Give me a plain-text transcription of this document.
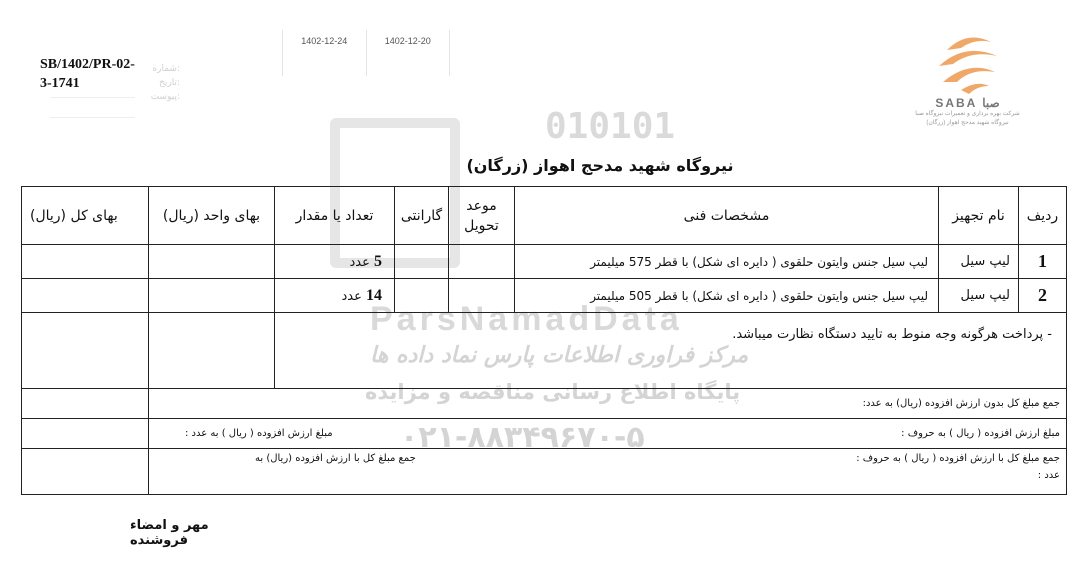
SB/1402/PR-02-3-1741
شماره:
تاریخ:
پیوست:
1402-12-24	1402-12-20
SABA صبا
شرکت بهره برداری و تعمیرات نیروگاه صبا
نیروگاه شهید مدحج اهواز (زرگان)
010101
ParsNamadData
مرکز فراوری اطلاعات پارس نماد داده ها
پایگاه اطلاع رسانی مناقصه و مزایده
۰۲۱-۸۸۳۴۹۶۷۰-۵
نیروگاه شهید مدحج اهواز (زرگان)
ردیف	نام تجهیز	مشخصات فنی	موعد تحویل	گارانتی	تعداد یا مقدار	بهای واحد (ریال)	بهای کل (ریال)
1	لیپ سیل	لیپ سیل جنس وایتون حلقوی ( دایره ای شکل) با قطر 575 میلیمتر			5 عدد		
2	لیپ سیل	لیپ سیل جنس وایتون حلقوی ( دایره ای شکل) با قطر 505 میلیمتر			14 عدد		
- پرداخت هرگونه وجه منوط به تایید دستگاه نظارت میباشد.							
جمع مبلغ کل بدون ارزش افزوده (ریال) به عدد:							

مبلغ ارزش افزوده ( ریال ) به حروف :
مبلغ ارزش افزوده ( ریال ) به عدد :							

جمع مبلغ کل با ارزش افزوده ( ریال ) به حروف :
عدد :
جمع مبلغ کل با ارزش افزوده (ریال) به							

مهر و امضاء فروشنده
